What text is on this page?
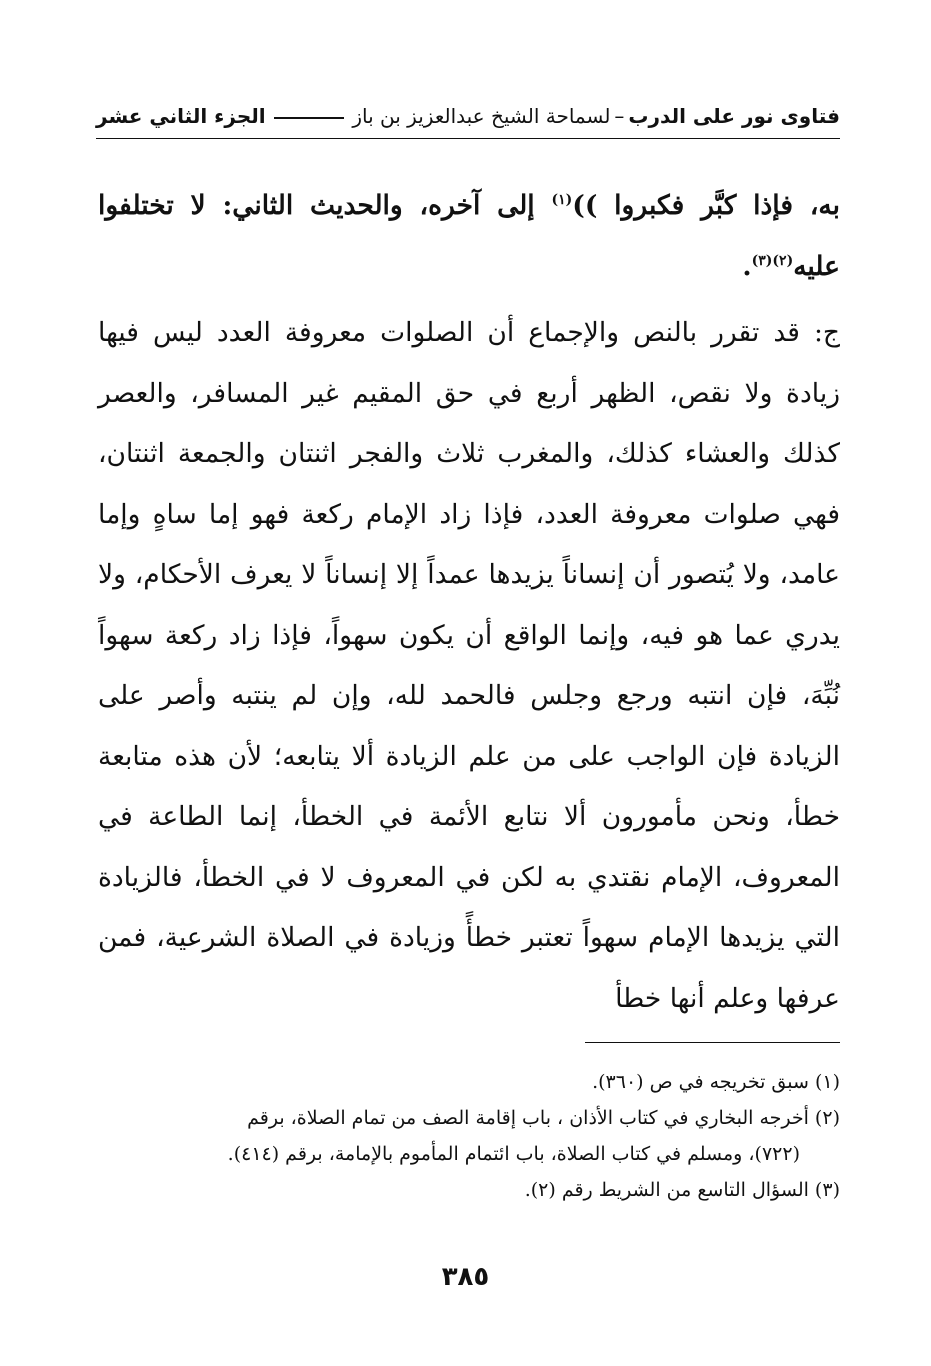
فتاوى نور على الدرب
–
لسماحة الشيخ عبدالعزيز بن باز
الجزء الثاني عشر

به، فإذا كبَّر فكبروا ))$^{(١)}$ إلى آخره، والحديث الثاني: لا تختلفوا عليه$^{(٢)(٣)}$.

ج: قد تقرر بالنص والإجماع أن الصلوات معروفة العدد ليس فيها زيادة ولا نقص، الظهر أربع في حق المقيم غير المسافر، والعصر كذلك والعشاء كذلك، والمغرب ثلاث والفجر اثنتان والجمعة اثنتان، فهي صلوات معروفة العدد، فإذا زاد الإمام ركعة فهو إما ساهٍ وإما عامد، ولا يُتصور أن إنساناً يزيدها عمداً إلا إنساناً لا يعرف الأحكام، ولا يدري عما هو فيه، وإنما الواقع أن يكون سهواً، فإذا زاد ركعة سهواً نُبِّهَ، فإن انتبه ورجع وجلس فالحمد لله، وإن لم ينتبه وأصر على الزيادة فإن الواجب على من علم الزيادة ألا يتابعه؛ لأن هذه متابعة خطأ، ونحن مأمورون ألا نتابع الأئمة في الخطأ، إنما الطاعة في المعروف، الإمام نقتدي به لكن في المعروف لا في الخطأ، فالزيادة التي يزيدها الإمام سهواً تعتبر خطأً وزيادة في الصلاة الشرعية، فمن عرفها وعلم أنها خطأ

(١) سبق تخريجه في ص (٣٦٠).

(٢) أخرجه البخاري في كتاب الأذان ، باب إقامة الصف من تمام الصلاة، برقم

(٧٢٢)، ومسلم في كتاب الصلاة، باب ائتمام المأموم بالإمامة، برقم (٤١٤).

(٣) السؤال التاسع من الشريط رقم (٢).

٣٨٥
